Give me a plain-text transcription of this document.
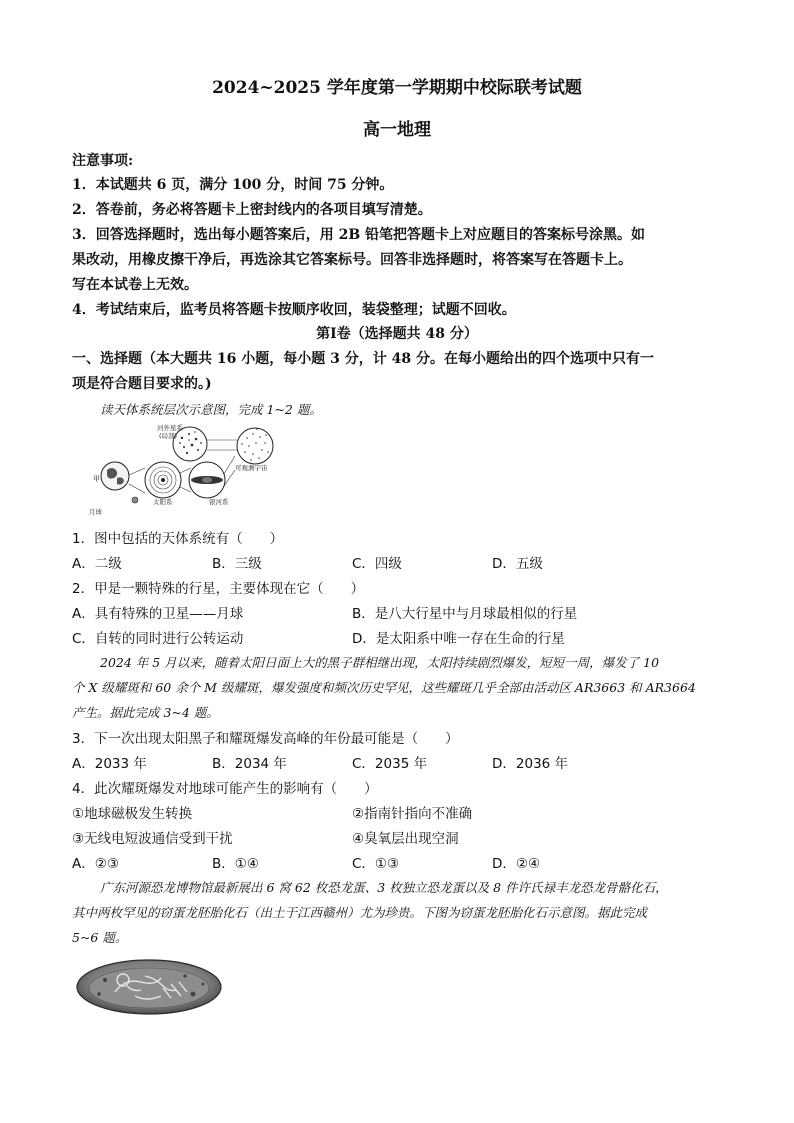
2024~2025 学年度第一学期期中校际联考试题
高一地理
注意事项:
1．本试题共 6 页，满分 100 分，时间 75 分钟。
2．答卷前，务必将答题卡上密封线内的各项目填写清楚。
3．回答选择题时，选出每小题答案后，用 2B 铅笔把答题卡上对应题目的答案标号涂黑。如
果改动，用橡皮擦干净后，再选涂其它答案标号。回答非选择题时，将答案写在答题卡上。
写在本试卷上无效。
4．考试结束后，监考员将答题卡按顺序收回，装袋整理；试题不回收。
第Ⅰ卷（选择题共 48 分）
一、选择题（本大题共 16 小题，每小题 3 分，计 48 分。在每小题给出的四个选项中只有一
项是符合题目要求的。)
读天体系统层次示意图，完成 1~2 题。
河外星系
(局部)
可观测宇宙
甲
月球
太阳系	银河系
1．图中包括的天体系统有（　　）
A．二级	B．三级	C．四级	D．五级
2．甲是一颗特殊的行星，主要体现在它（　　）
A．具有特殊的卫星——月球	B．是八大行星中与月球最相似的行星
C．自转的同时进行公转运动	D．是太阳系中唯一存在生命的行星
2024 年 5 月以来，随着太阳日面上大的黑子群相继出现，太阳持续剧烈爆发，短短一周，爆发了 10
个 X 级耀斑和 60 余个 M 级耀斑，爆发强度和频次历史罕见，这些耀斑几乎全部由活动区 AR3663 和 AR3664
产生。据此完成 3~4 题。
3．下一次出现太阳黑子和耀斑爆发高峰的年份最可能是（　　）
A．2033 年	B．2034 年	C．2035 年	D．2036 年
4．此次耀斑爆发对地球可能产生的影响有（　　）
①地球磁极发生转换	②指南针指向不准确
③无线电短波通信受到干扰	④臭氧层出现空洞
A．②③	B．①④	C．①③	D．②④
广东河源恐龙博物馆最新展出 6 窝 62 枚恐龙蛋、3 枚独立恐龙蛋以及 8 件许氏禄丰龙恐龙骨骼化石，
其中两枚罕见的窃蛋龙胚胎化石（出土于江西赣州）尤为珍贵。下图为窃蛋龙胚胎化石示意图。据此完成
5~6 题。
